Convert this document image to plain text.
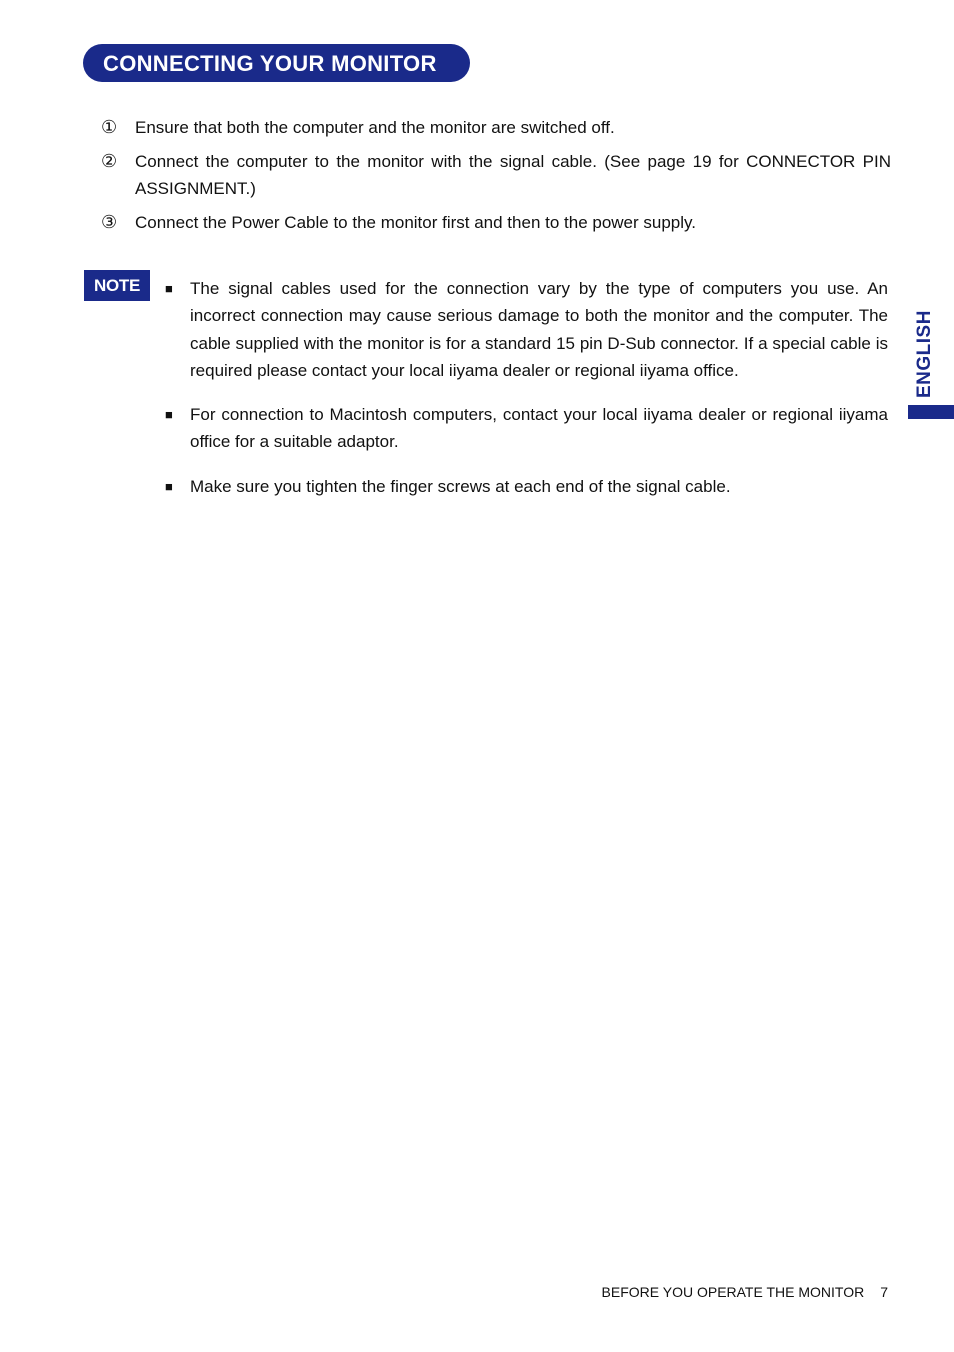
CONNECTING YOUR MONITOR
①	Ensure that both the computer and the monitor are switched off.
②	Connect the computer to the monitor with the signal cable. (See page 19 for CONNECTOR PIN ASSIGNMENT.)
③	Connect the Power Cable to the monitor first and then to the power supply.
NOTE	■	The signal cables used for the connection vary by the type of computers you use. An incorrect connection may cause serious damage to both the monitor and the computer. The cable supplied with the monitor is for a standard 15 pin D-Sub connector. If a special cable is required please contact your local iiyama dealer or regional iiyama office.
■	For connection to Macintosh computers, contact your local iiyama dealer or regional iiyama office for a suitable adaptor.
■	Make sure you tighten the finger screws at each end of the signal cable.
ENGLISH
BEFORE YOU OPERATE THE MONITOR 7
